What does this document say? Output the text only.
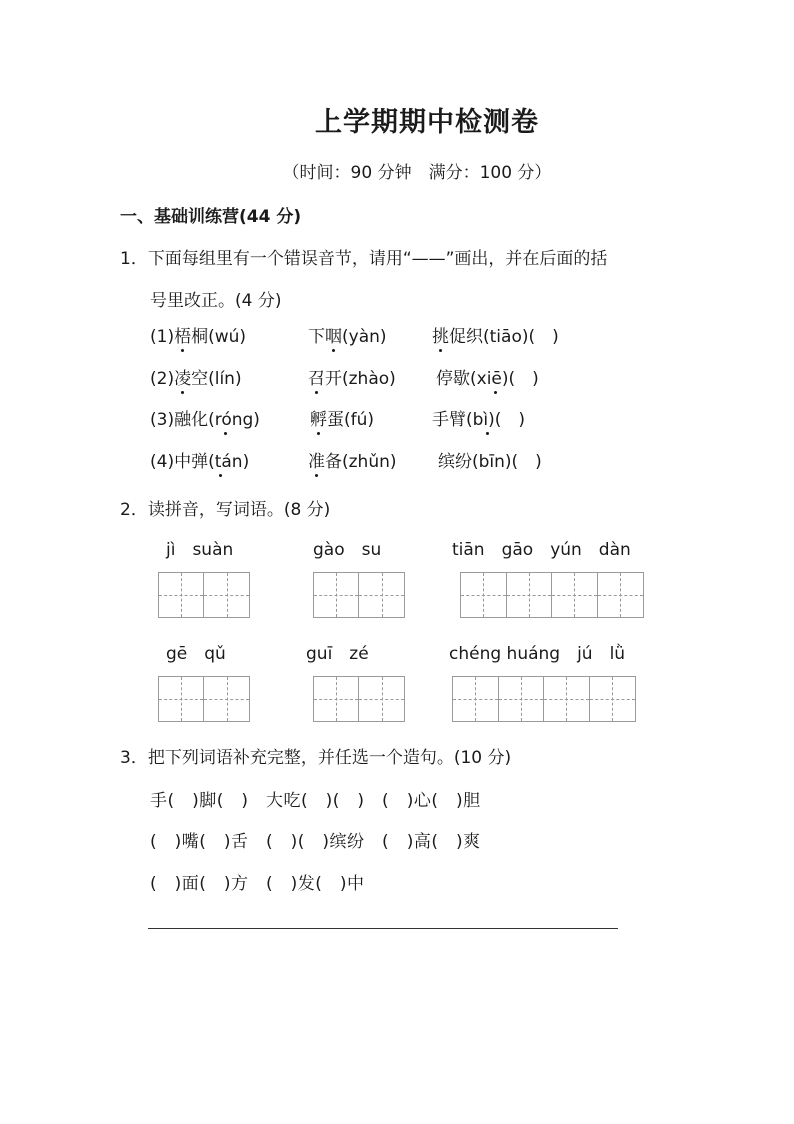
上学期期中检测卷
（时间：90 分钟　满分：100 分）
一、基础训练营(44 分)
1．下面每组里有一个错误音节，请用“——”画出，并在后面的括
号里改正。(4 分)
(1)梧桐(wú)	下咽(yàn)	挑促织(tiāo)(　)
(2)凌空(lín)	召开(zhào) 停歇(xiē)(　)
(3)融化(róng)	孵蛋(fú)	手臂(bì)(　)
(4)中弹(tán)	准备(zhǔn) 缤纷(bīn)(　)
2．读拼音，写词语。(8 分)
jì　suàn	gào　su	tiān　gāo　yún　dàn
gē　qǔ	guī　zé	chéng huáng　jú　lǜ
3．把下列词语补充完整，并任选一个造句。(10 分)
手(　)脚(　)　大吃(　)(　)　(　)心(　)胆
(　)嘴(　)舌　(　)(　)缤纷　(　)高(　)爽
(　)面(　)方　(　)发(　)中
